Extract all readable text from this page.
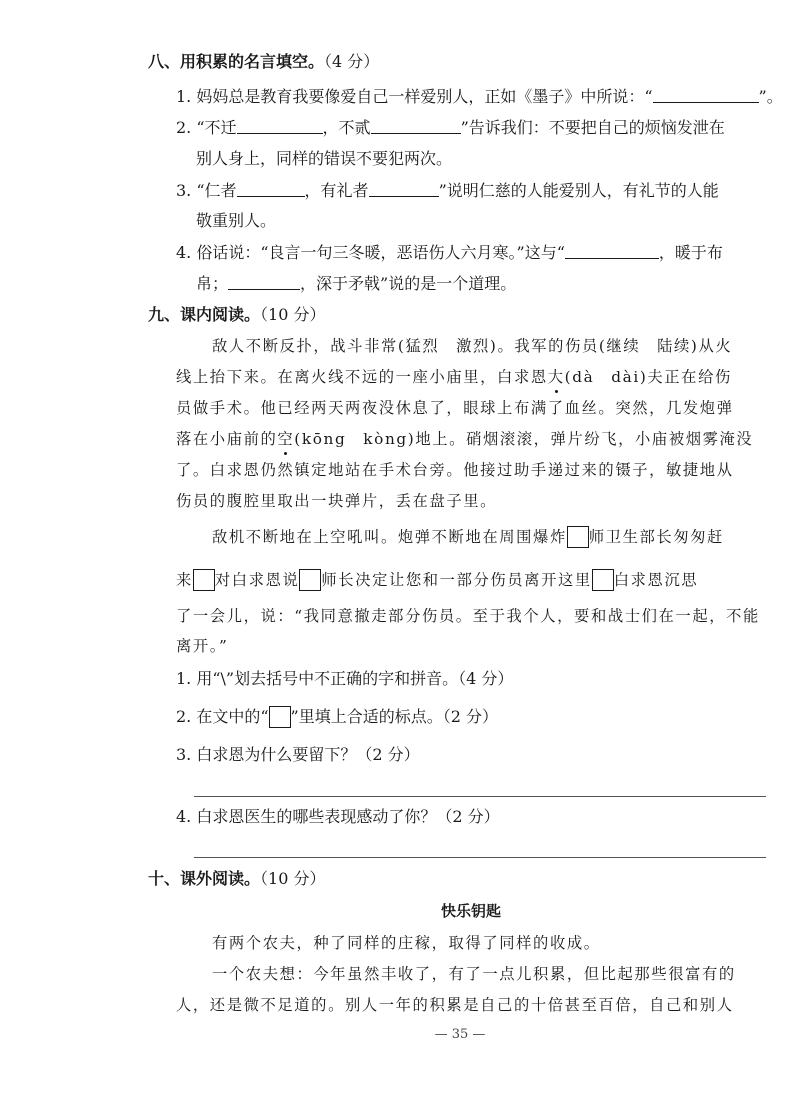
八、用积累的名言填空。（4 分）
1. 妈妈总是教育我要像爱自己一样爱别人，正如《墨子》中所说：“	”。
2. “不迁	，不贰	”告诉我们：不要把自己的烦恼发泄在
别人身上，同样的错误不要犯两次。
3. “仁者	，有礼者	”说明仁慈的人能爱别人，有礼节的人能
敬重别人。
4. 俗话说：“良言一句三冬暖，恶语伤人六月寒。”这与“	，暖于布
帛；	，深于矛戟”说的是一个道理。
九、课内阅读。（10 分）
敌人不断反扑，战斗非常(猛烈　激烈)。我军的伤员(继续　陆续)从火
线上抬下来。在离火线不远的一座小庙里，白求恩大(dà　dài)夫正在给伤
员做手术。他已经两天两夜没休息了，眼球上布满了血丝。突然，几发炮弹
落在小庙前的空(kōng　kòng)地上。硝烟滚滚，弹片纷飞，小庙被烟雾淹没
了。白求恩仍然镇定地站在手术台旁。他接过助手递过来的镊子，敏捷地从
伤员的腹腔里取出一块弹片，丢在盘子里。
敌机不断地在上空吼叫。炮弹不断地在周围爆炸 师卫生部长匆匆赶
来 对白求恩说 师长决定让您和一部分伤员离开这里 白求恩沉思
了一会儿，说：“我同意撤走部分伤员。至于我个人，要和战士们在一起，不能
离开。”
1. 用“\”划去括号中不正确的字和拼音。（4 分）
2. 在文中的“ ”里填上合适的标点。（2 分）
3. 白求恩为什么要留下？（2 分）
4. 白求恩医生的哪些表现感动了你？（2 分）
十、课外阅读。（10 分）
快乐钥匙
有两个农夫，种了同样的庄稼，取得了同样的收成。
一个农夫想：今年虽然丰收了，有了一点儿积累，但比起那些很富有的
人，还是微不足道的。别人一年的积累是自己的十倍甚至百倍，自己和别人
— 35 —
